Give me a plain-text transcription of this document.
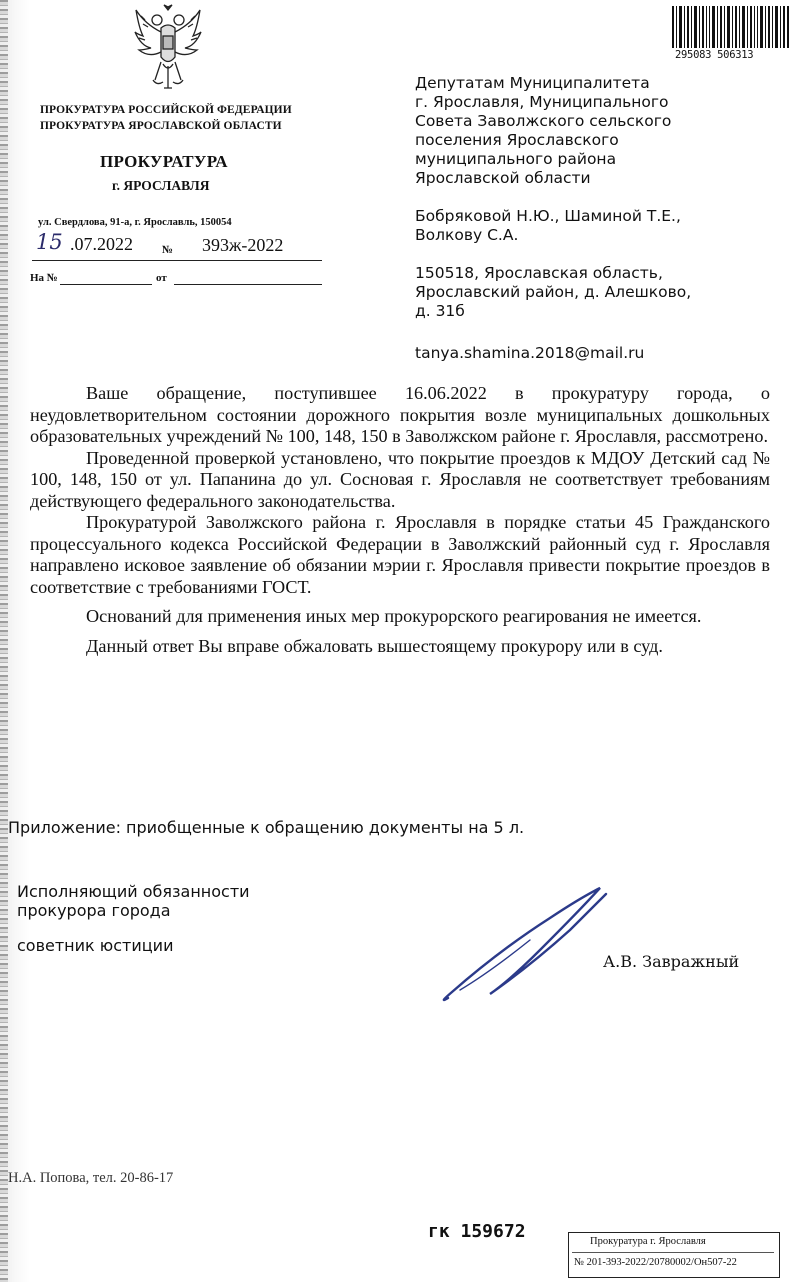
ПРОКУРАТУРА РОССИЙСКОЙ ФЕДЕРАЦИИ
ПРОКУРАТУРА ЯРОСЛАВСКОЙ ОБЛАСТИ
ПРОКУРАТУРА
г. ЯРОСЛАВЛЯ
ул. Свердлова, 91-а, г. Ярославль, 150054
15 .07.2022	№ 393ж-2022
На №	от
295083 506313
Депутатам Муниципалитета
г. Ярославля, Муниципального
Совета Заволжского сельского
поселения Ярославского
муниципального района
Ярославской области
Бобряковой Н.Ю., Шаминой Т.Е.,
Волкову С.А.
150518, Ярославская область,
Ярославский район, д. Алешково,
д. 31б
tanya.shamina.2018@mail.ru

Ваше обращение, поступившее 16.06.2022 в прокуратуру города, о неудовлетворительном состоянии дорожного покрытия возле муниципальных дошкольных образовательных учреждений № 100, 148, 150 в Заволжском районе г. Ярославля, рассмотрено.

Проведенной проверкой установлено, что покрытие проездов к МДОУ Детский сад № 100, 148, 150 от ул. Папанина до ул. Сосновая г. Ярославля не соответствует требованиям действующего федерального законодательства.

Прокуратурой Заволжского района г. Ярославля в порядке статьи 45 Гражданского процессуального кодекса Российской Федерации в Заволжский районный суд г. Ярославля направлено исковое заявление об обязании мэрии г. Ярославля привести покрытие проездов в соответствие с требованиями ГОСТ.

Оснований для применения иных мер прокурорского реагирования не имеется.

Данный ответ Вы вправе обжаловать вышестоящему прокурору или в суд.

Приложение: приобщенные к обращению документы на 5 л.
Исполняющий обязанности
прокурора города
советник юстиции
А.В. Завражный
Н.А. Попова, тел. 20-86-17
гк 159672	Прокуратура г. Ярославля
№ 201-393-2022/20780002/Он507-22
